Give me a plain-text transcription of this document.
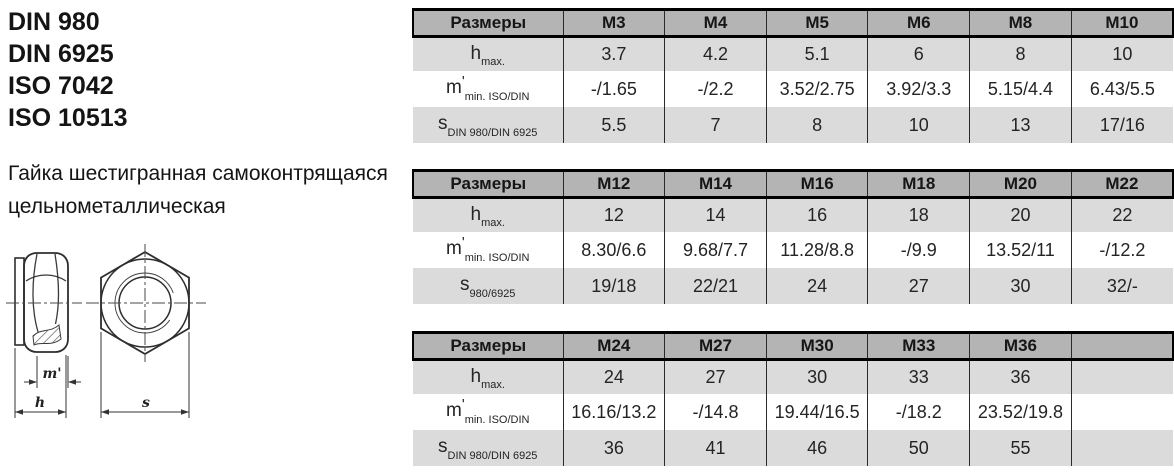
DIN 980
DIN 6925
ISO 7042
ISO 10513
Гайка шестигранная самоконтрящаяся цельнометаллическая
m'
h	s
Размеры	M3	M4	M5	M6	M8	M10
$h_{max.}$	3.7	4.2	5.1	6	8	10
$m'_{min. ISO/DIN}$	-/1.65	-/2.2	3.52/2.75	3.92/3.3	5.15/4.4	6.43/5.5
$s_{DIN 980/DIN 6925}$	5.5	7	8	10	13	17/16
Размеры	M12	M14	M16	M18	M20	M22
$h_{max.}$	12	14	16	18	20	22
$m'_{min. ISO/DIN}$	8.30/6.6	9.68/7.7	11.28/8.8	-/9.9	13.52/11	-/12.2
$s_{980/6925}$	19/18	22/21	24	27	30	32/-
Размеры	M24	M27	M30	M33	M36	
$h_{max.}$	24	27	30	33	36	
$m'_{min. ISO/DIN}$	16.16/13.2	-/14.8	19.44/16.5	-/18.2	23.52/19.8	
$s_{DIN 980/DIN 6925}$	36	41	46	50	55	
